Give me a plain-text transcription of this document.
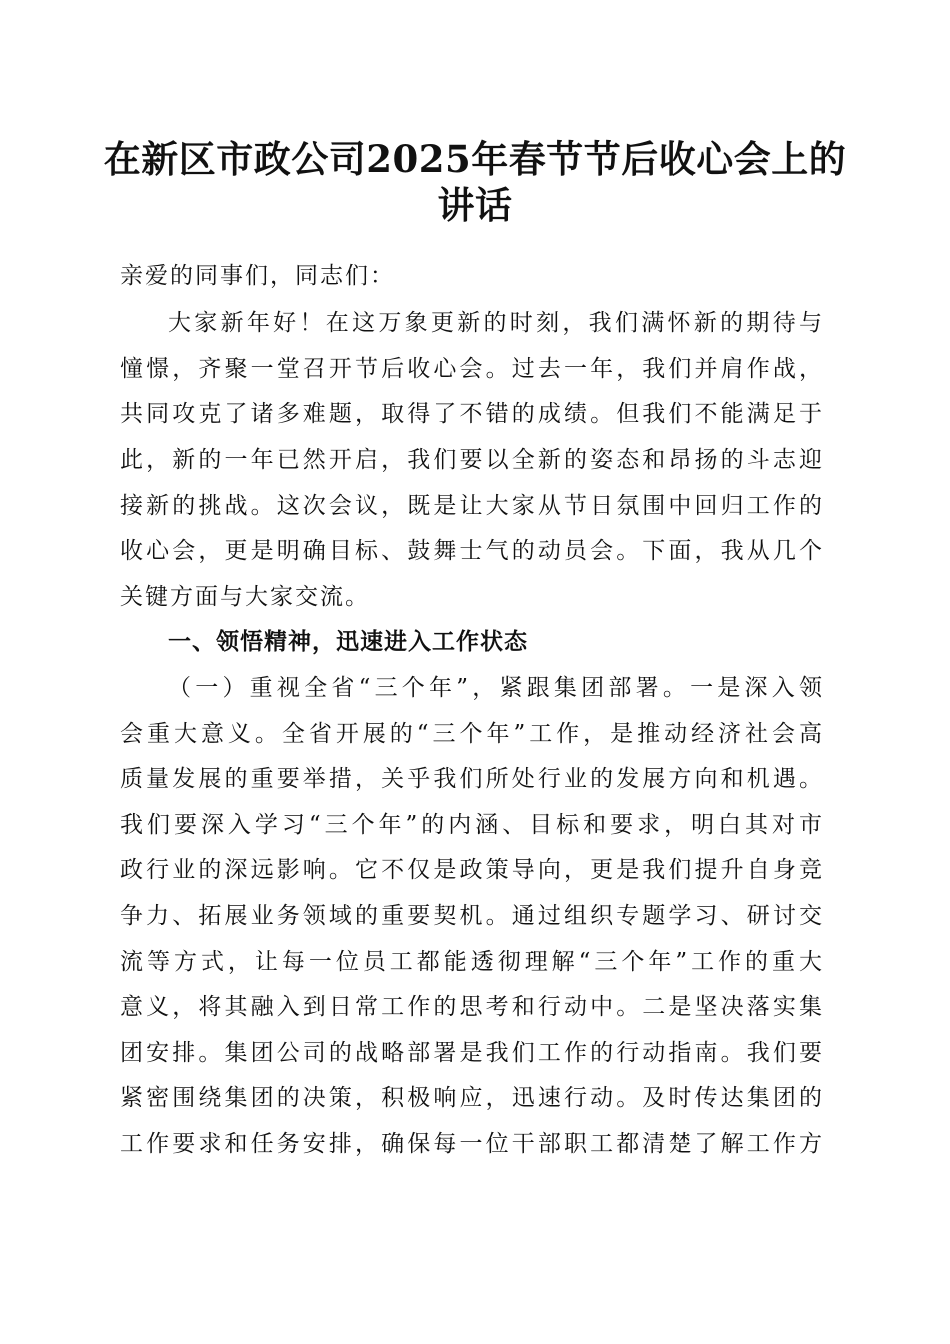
在新区市政公司2025年春节节后收心会上的
讲话
亲爱的同事们，同志们：
大家新年好！在这万象更新的时刻，我们满怀新的期待与
憧憬，齐聚一堂召开节后收心会。过去一年，我们并肩作战，
共同攻克了诸多难题，取得了不错的成绩。但我们不能满足于
此，新的一年已然开启，我们要以全新的姿态和昂扬的斗志迎
接新的挑战。这次会议，既是让大家从节日氛围中回归工作的
收心会，更是明确目标、鼓舞士气的动员会。下面，我从几个
关键方面与大家交流。
一、领悟精神，迅速进入工作状态
（一）重视全省“三个年”，紧跟集团部署。一是深入领
会重大意义。全省开展的“三个年”工作，是推动经济社会高
质量发展的重要举措，关乎我们所处行业的发展方向和机遇。
我们要深入学习“三个年”的内涵、目标和要求，明白其对市
政行业的深远影响。它不仅是政策导向，更是我们提升自身竞
争力、拓展业务领域的重要契机。通过组织专题学习、研讨交
流等方式，让每一位员工都能透彻理解“三个年”工作的重大
意义，将其融入到日常工作的思考和行动中。二是坚决落实集
团安排。集团公司的战略部署是我们工作的行动指南。我们要
紧密围绕集团的决策，积极响应，迅速行动。及时传达集团的
工作要求和任务安排，确保每一位干部职工都清楚了解工作方
